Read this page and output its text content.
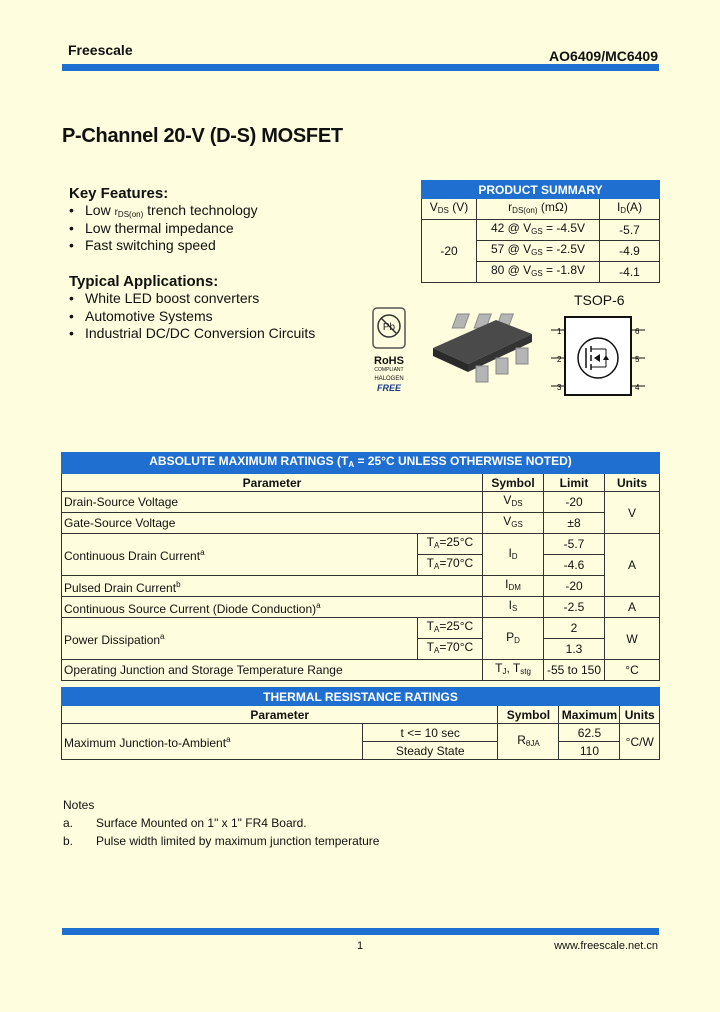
Freescale	AO6409/MC6409
P-Channel 20-V (D-S) MOSFET
Key Features:
• Low $r_{DS(on)}$ trench technology
• Low thermal impedance
• Fast switching speed
Typical Applications:
• White LED boost converters
• Automotive Systems
• Industrial DC/DC Conversion Circuits
PRODUCT SUMMARY		
$V_{DS}$ (V)	$r_{DS(on)}$ (mΩ)	$I_D(A)$
-20	42 @ $V_{GS} = -4.5V$	-5.7
	57 @ $V_{GS} = -2.5V$	-4.9
	80 @ $V_{GS} = -1.8V$	-4.1
Pb
RoHS
COMPLIANT
HALOGEN
FREE
TSOP-6
1
2
3
6
5
4
ABSOLUTE MAXIMUM RATINGS ($T_A = 25^\circ C$ UNLESS OTHERWISE NOTED)				
Parameter		Symbol	Limit	Units
Drain-Source Voltage		$V_{DS}$	-20	V
Gate-Source Voltage		$V_{GS}$	±8	
Continuous Drain Current$^a$	$T_A=25^\circ C$	$I_D$	-5.7	A
	$T_A=70^\circ C$		-4.6	
Pulsed Drain Current$^b$		$I_{DM}$	-20	
Continuous Source Current (Diode Conduction)$^a$		$I_S$	-2.5	A
Power Dissipation$^a$	$T_A=25^\circ C$	$P_D$	2	W
	$T_A=70^\circ C$		1.3	
Operating Junction and Storage Temperature Range		$T_J$, $T_{stg}$	-55 to 150	°C
THERMAL RESISTANCE RATINGS				
Parameter		Symbol	Maximum	Units
Maximum Junction-to-Ambient$^a$	t <= 10 sec	$R_{\theta JA}$	62.5	°C/W
	Steady State		110	
Notes
a. Surface Mounted on 1" x 1" FR4 Board.
b. Pulse width limited by maximum junction temperature
1	www.freescale.net.cn
